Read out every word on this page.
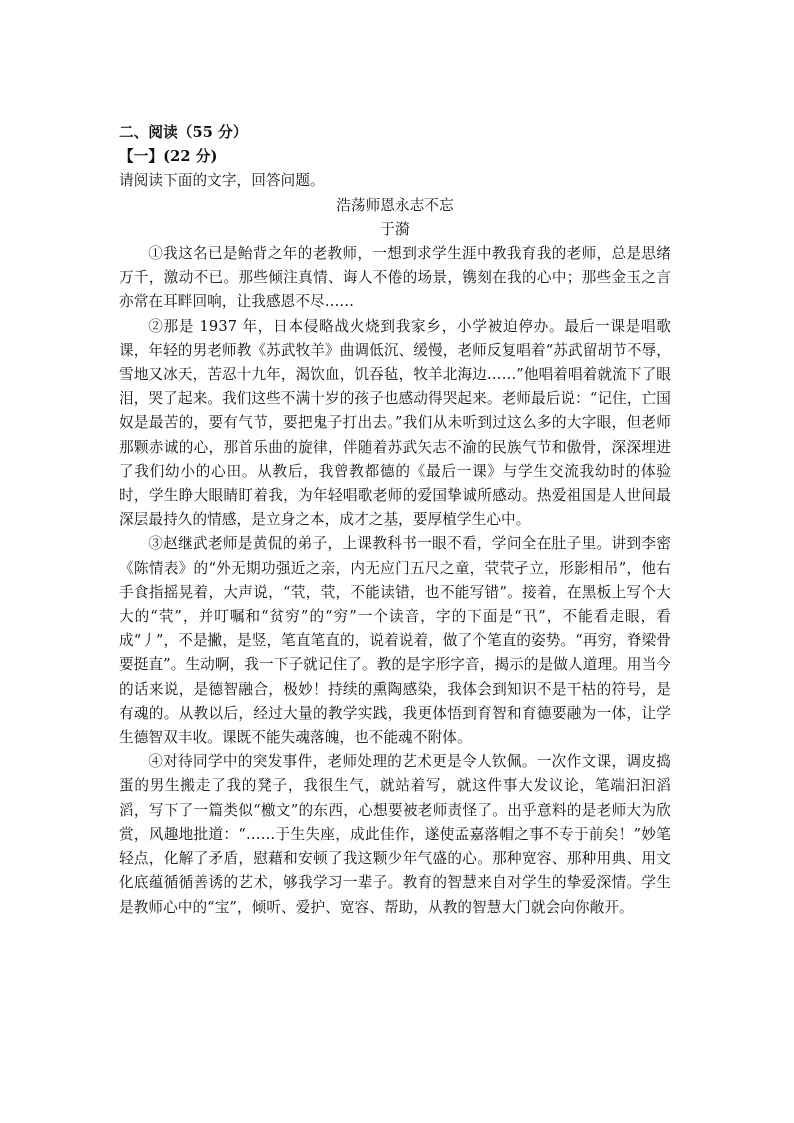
二、阅读（55 分）

【一】(22 分)

请阅读下面的文字，回答问题。

浩荡师恩永志不忘

于漪

①我这名已是鲐背之年的老教师，一想到求学生涯中教我育我的老师，总是思绪万千，激动不已。那些倾注真情、诲人不倦的场景，镌刻在我的心中；那些金玉之言亦常在耳畔回响，让我感恩不尽……

②那是 1937 年，日本侵略战火烧到我家乡，小学被迫停办。最后一课是唱歌课，年轻的男老师教《苏武牧羊》曲调低沉、缓慢，老师反复唱着“苏武留胡节不辱，雪地又冰天，苦忍十九年，渴饮血，饥吞毡，牧羊北海边……”他唱着唱着就流下了眼泪，哭了起来。我们这些不满十岁的孩子也感动得哭起来。老师最后说：“记住，亡国奴是最苦的，要有气节，要把鬼子打出去。”我们从未听到过这么多的大字眼，但老师那颗赤诚的心，那首乐曲的旋律，伴随着苏武矢志不渝的民族气节和傲骨，深深埋进了我们幼小的心田。从教后，我曾教都德的《最后一课》与学生交流我幼时的体验时，学生睁大眼睛盯着我，为年轻唱歌老师的爱国挚诚所感动。热爱祖国是人世间最深层最持久的情感，是立身之本，成才之基，要厚植学生心中。

③赵继武老师是黄侃的弟子，上课教科书一眼不看，学问全在肚子里。讲到李密《陈情表》的“外无期功强近之亲，内无应门五尺之童，茕茕孑立，形影相吊”，他右手食指摇晃着，大声说，“茕，茕，不能读错，也不能写错”。接着，在黑板上写个大大的“茕”，并叮嘱和“贫穷”的“穷”一个读音，字的下面是“卂”，不能看走眼，看成“丿”，不是撇，是竖，笔直笔直的，说着说着，做了个笔直的姿势。“再穷，脊梁骨要挺直”。生动啊，我一下子就记住了。教的是字形字音，揭示的是做人道理。用当今的话来说，是德智融合，极妙！持续的熏陶感染，我体会到知识不是干枯的符号，是有魂的。从教以后，经过大量的教学实践，我更体悟到育智和育德要融为一体，让学生德智双丰收。课既不能失魂落魄，也不能魂不附体。

④对待同学中的突发事件，老师处理的艺术更是令人钦佩。一次作文课，调皮捣蛋的男生搬走了我的凳子，我很生气，就站着写，就这件事大发议论，笔端汩汩滔滔，写下了一篇类似“檄文”的东西，心想要被老师责怪了。出乎意料的是老师大为欣赏，风趣地批道：“……于生失座，成此佳作，遂使孟嘉落帽之事不专于前矣！”妙笔轻点，化解了矛盾，慰藉和安顿了我这颗少年气盛的心。那种宽容、那种用典、用文化底蕴循循善诱的艺术，够我学习一辈子。教育的智慧来自对学生的挚爱深情。学生是教师心中的“宝”，倾听、爱护、宽容、帮助，从教的智慧大门就会向你敞开。
